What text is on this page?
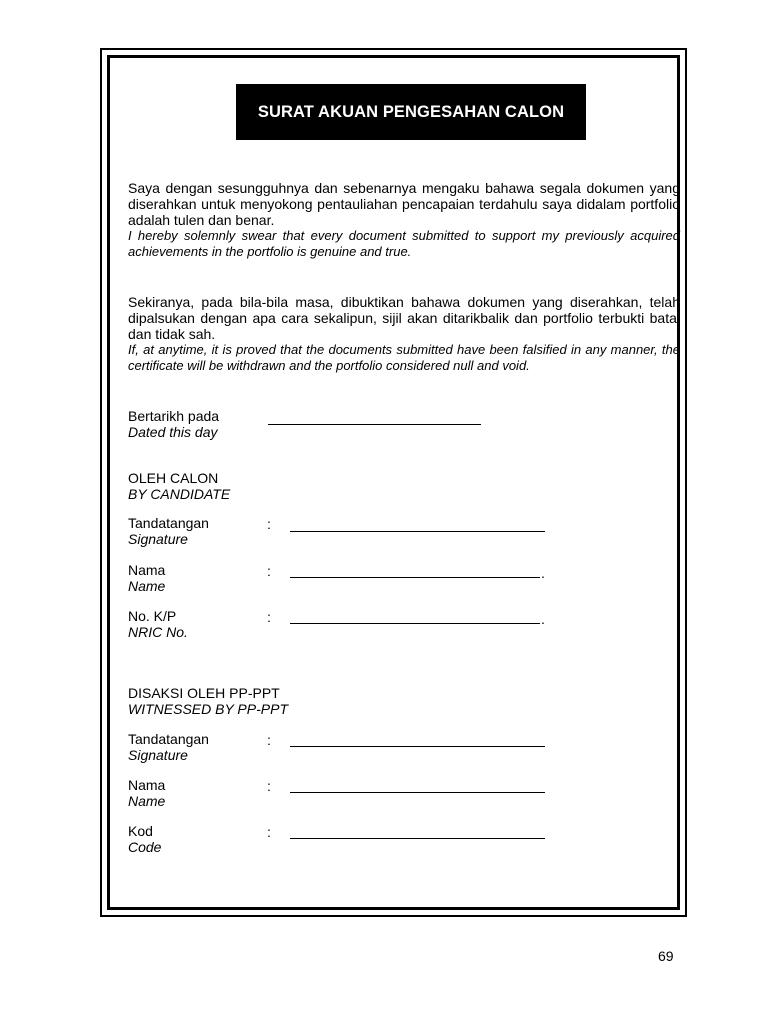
SURAT AKUAN PENGESAHAN CALON
Saya dengan sesungguhnya dan sebenarnya mengaku bahawa segala dokumen yang diserahkan untuk menyokong pentauliahan pencapaian terdahulu saya didalam portfolio adalah tulen dan benar.
I hereby solemnly swear that every document submitted to support my previously acquired achievements in the portfolio is genuine and true.
Sekiranya, pada bila-bila masa, dibuktikan bahawa dokumen yang diserahkan, telah dipalsukan dengan apa cara sekalipun, sijil akan ditarikbalik dan portfolio terbukti batal dan tidak sah.
If, at anytime, it is proved that the documents submitted have been falsified in any manner, the certificate will be withdrawn and the portfolio considered null and void.
Bertarikh pada
Dated this day
OLEH CALON
BY CANDIDATE
Tandatangan
Signature
:
Nama
Name
:	.
No. K/P
NRIC No.
:	.
DISAKSI OLEH PP-PPT
WITNESSED BY PP-PPT
Tandatangan
Signature
:
Nama
Name
:
Kod
Code
:
69
